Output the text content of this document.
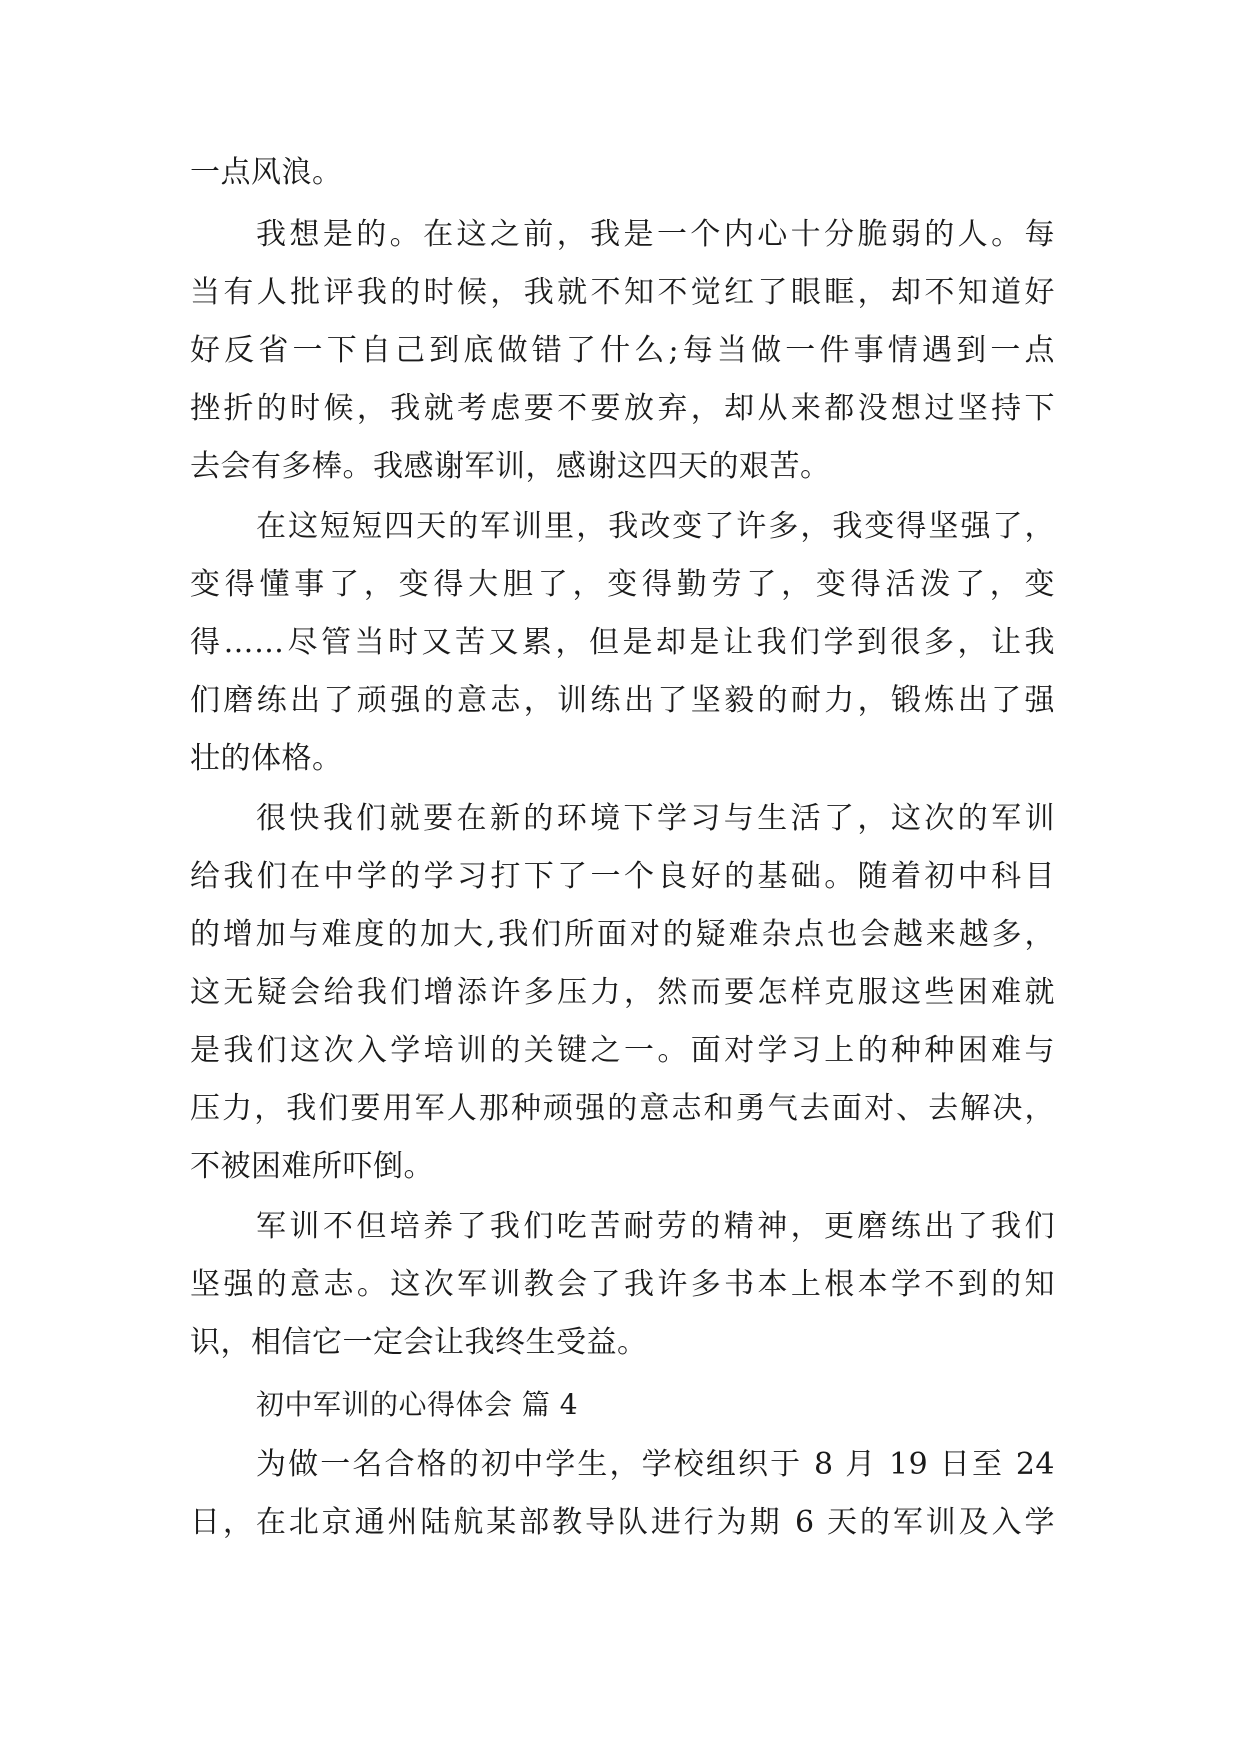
一点风浪。
我想是的。在这之前，我是一个内心十分脆弱的人。每
当有人批评我的时候，我就不知不觉红了眼眶，却不知道好
好反省一下自己到底做错了什么;每当做一件事情遇到一点
挫折的时候，我就考虑要不要放弃，却从来都没想过坚持下
去会有多棒。我感谢军训，感谢这四天的艰苦。
在这短短四天的军训里，我改变了许多，我变得坚强了，
变得懂事了，变得大胆了，变得勤劳了，变得活泼了，变
得……尽管当时又苦又累，但是却是让我们学到很多，让我
们磨练出了顽强的意志，训练出了坚毅的耐力，锻炼出了强
壮的体格。
很快我们就要在新的环境下学习与生活了，这次的军训
给我们在中学的学习打下了一个良好的基础。随着初中科目
的增加与难度的加大,我们所面对的疑难杂点也会越来越多，
这无疑会给我们增添许多压力，然而要怎样克服这些困难就
是我们这次入学培训的关键之一。面对学习上的种种困难与
压力，我们要用军人那种顽强的意志和勇气去面对、去解决，
不被困难所吓倒。
军训不但培养了我们吃苦耐劳的精神，更磨练出了我们
坚强的意志。这次军训教会了我许多书本上根本学不到的知
识，相信它一定会让我终生受益。
初中军训的心得体会 篇 4
为做一名合格的初中学生，学校组织于 8 月 19 日至 24
日，在北京通州陆航某部教导队进行为期 6 天的军训及入学
